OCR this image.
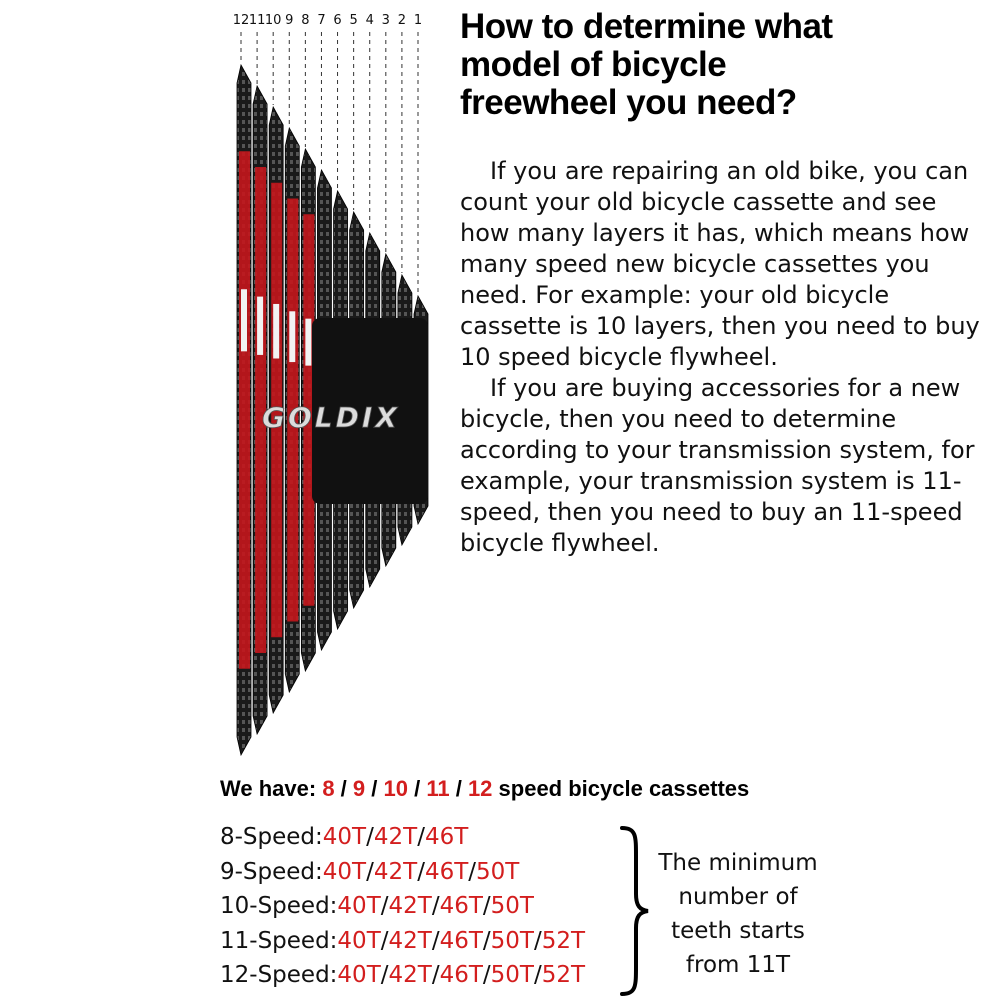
12 11 10 9 8 7 6 5 4 3 2 1
GOLDIX
How to determine what
model of bicycle
freewheel you need?

If you are repairing an old bike, you can count your old bicycle cassette and see how many layers it has, which means how many speed new bicycle cassettes you need. For example: your old bicycle cassette is 10 layers, then you need to buy 10 speed bicycle flywheel.

If you are buying accessories for a new bicycle, then you need to determine according to your transmission system, for example, your transmission system is 11-speed, then you need to buy an 11-speed bicycle flywheel.

We have: 8 / 9 / 10 / 11 / 12 speed bicycle cassettes
8-Speed:40T/42T/46T
9-Speed:40T/42T/46T/50T
10-Speed:40T/42T/46T/50T
11-Speed:40T/42T/46T/50T/52T
12-Speed:40T/42T/46T/50T/52T
The minimum
number of
teeth starts
from 11T
